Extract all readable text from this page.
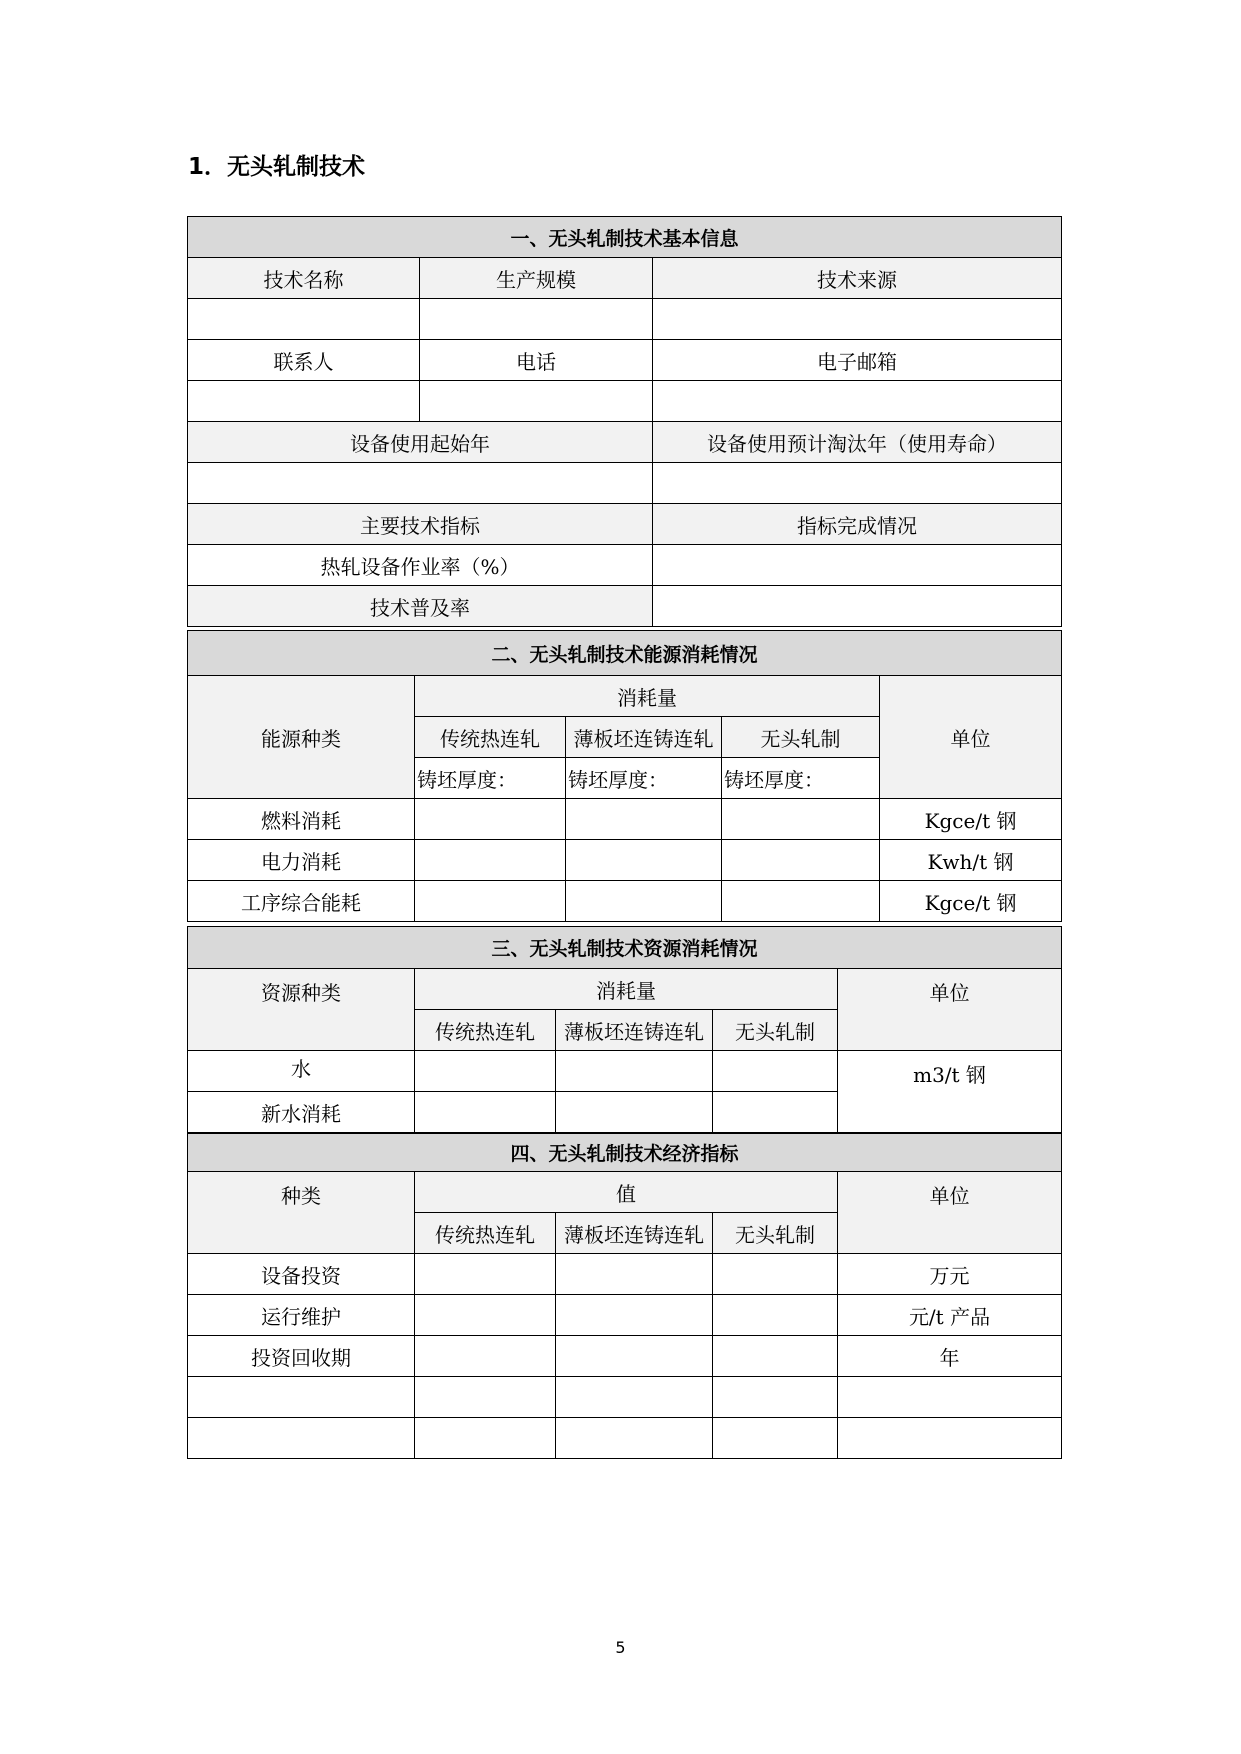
1．无头轧制技术
一、无头轧制技术基本信息		
技术名称	生产规模	技术来源

联系人	电话	电子邮箱

设备使用起始年		设备使用预计淘汰年（使用寿命）

主要技术指标		指标完成情况
热轧设备作业率（%）		
技术普及率		
二、无头轧制技术能源消耗情况				
能源种类	消耗量			单位
	传统热连轧	薄板坯连铸连轧	无头轧制	
	铸坯厚度：	铸坯厚度：	铸坯厚度：	
燃料消耗				Kgce/t 钢
电力消耗				Kwh/t 钢
工序综合能耗				Kgce/t 钢
三、无头轧制技术资源消耗情况				
资源种类	消耗量			单位
	传统热连轧	薄板坯连铸连轧	无头轧制	
水				m3/t 钢
新水消耗				
四、无头轧制技术经济指标				
种类	值			单位
	传统热连轧	薄板坯连铸连轧	无头轧制	
设备投资				万元
运行维护				元/t 产品
投资回收期				年

5
